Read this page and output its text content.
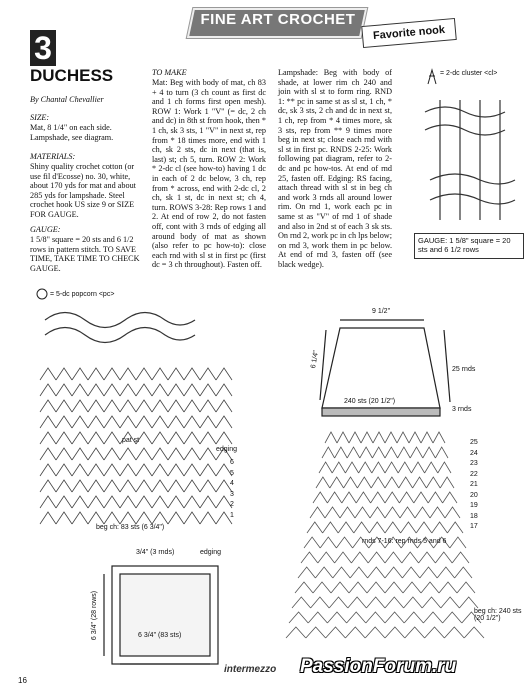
FINE ART CROCHET
Favorite nook
3
DUCHESS
By Chantal Chevallier
SIZE:
Mat, 8 1/4" on each side. Lampshade, see diagram.
MATERIALS:
Shiny quality crochet cotton (or use fil d'Ecosse) no. 30, white, about 170 yds for mat and about 285 yds for lampshade. Steel crochet hook US size 9 or SIZE FOR GAUGE.
GAUGE:
1 5/8" square = 20 sts and 6 1/2 rows in pattern stitch. TO SAVE TIME, TAKE TIME TO CHECK GAUGE.
TO MAKE
Mat: Beg with body of mat, ch 83 + 4 to turn (3 ch count as first dc and 1 ch forms first open mesh). ROW 1: Work 1 "V" (= dc, 2 ch and dc) in 8th st from hook, then * 1 ch, sk 3 sts, 1 "V" in next st, rep from * 18 times more, end with 1 ch, sk 2 sts, dc in next (that is, last) st; ch 5, turn. ROW 2: Work * 2-dc cl (see how-to) having 1 dc in each of 2 dc below, 3 ch, rep from * across, end with 2-dc cl, 2 ch, sk 1 st, dc in next st; ch 4, turn. ROWS 3-28: Rep rows 1 and 2. At end of row 2, do not fasten off, cont with 3 rnds of edging all around body of mat as shown (also refer to pc how-to): close each rnd with sl st in first pc (first dc = 3 ch throughout). Fasten off.
Lampshade: Beg with body of shade, at lower rim ch 240 and join with sl st to form ring. RND 1: ** pc in same st as sl st, 1 ch, * dc, sk 3 sts, 2 ch and dc in next st, 1 ch, rep from * 4 times more, sk 3 sts, rep from ** 9 times more beg in next st; close each rnd with sl st in first pc. RNDS 2-25: Work following pat diagram, refer to 2-dc and pc how-tos. At end of rnd 25, fasten off. Edging: RS facing, attach thread with sl st in beg ch and work 3 rnds all around lower rim. On rnd 1, work each pc in same st as "V" of rnd 1 of shade and also in 2nd st of each 3 sk sts. On rnd 2, work pc in ch lps below; on rnd 3, work them in pc below. At end of rnd 3, fasten off (see black wedge).
= 2-dc cluster <cl>
GAUGE: 1 5/8" square = 20 sts and 6 1/2 rows
= 5-dc popcorn <pc>
pat st
edging
beg ch: 83 sts (6 3/4")
6
5
4
3
2
1
9 1/2"
6 1/4"
25 rnds
3 rnds
240 sts (20 1/2")
25
24
23
22
21
20
19
18
17
rnds 7-16: rep rnds 5 and 6
beg ch: 240 sts (20 1/2")
3/4" (3 rnds)	edging
6 3/4" (28 rows)	6 3/4" (83 sts)
16
intermezzo PassionForum.ru
